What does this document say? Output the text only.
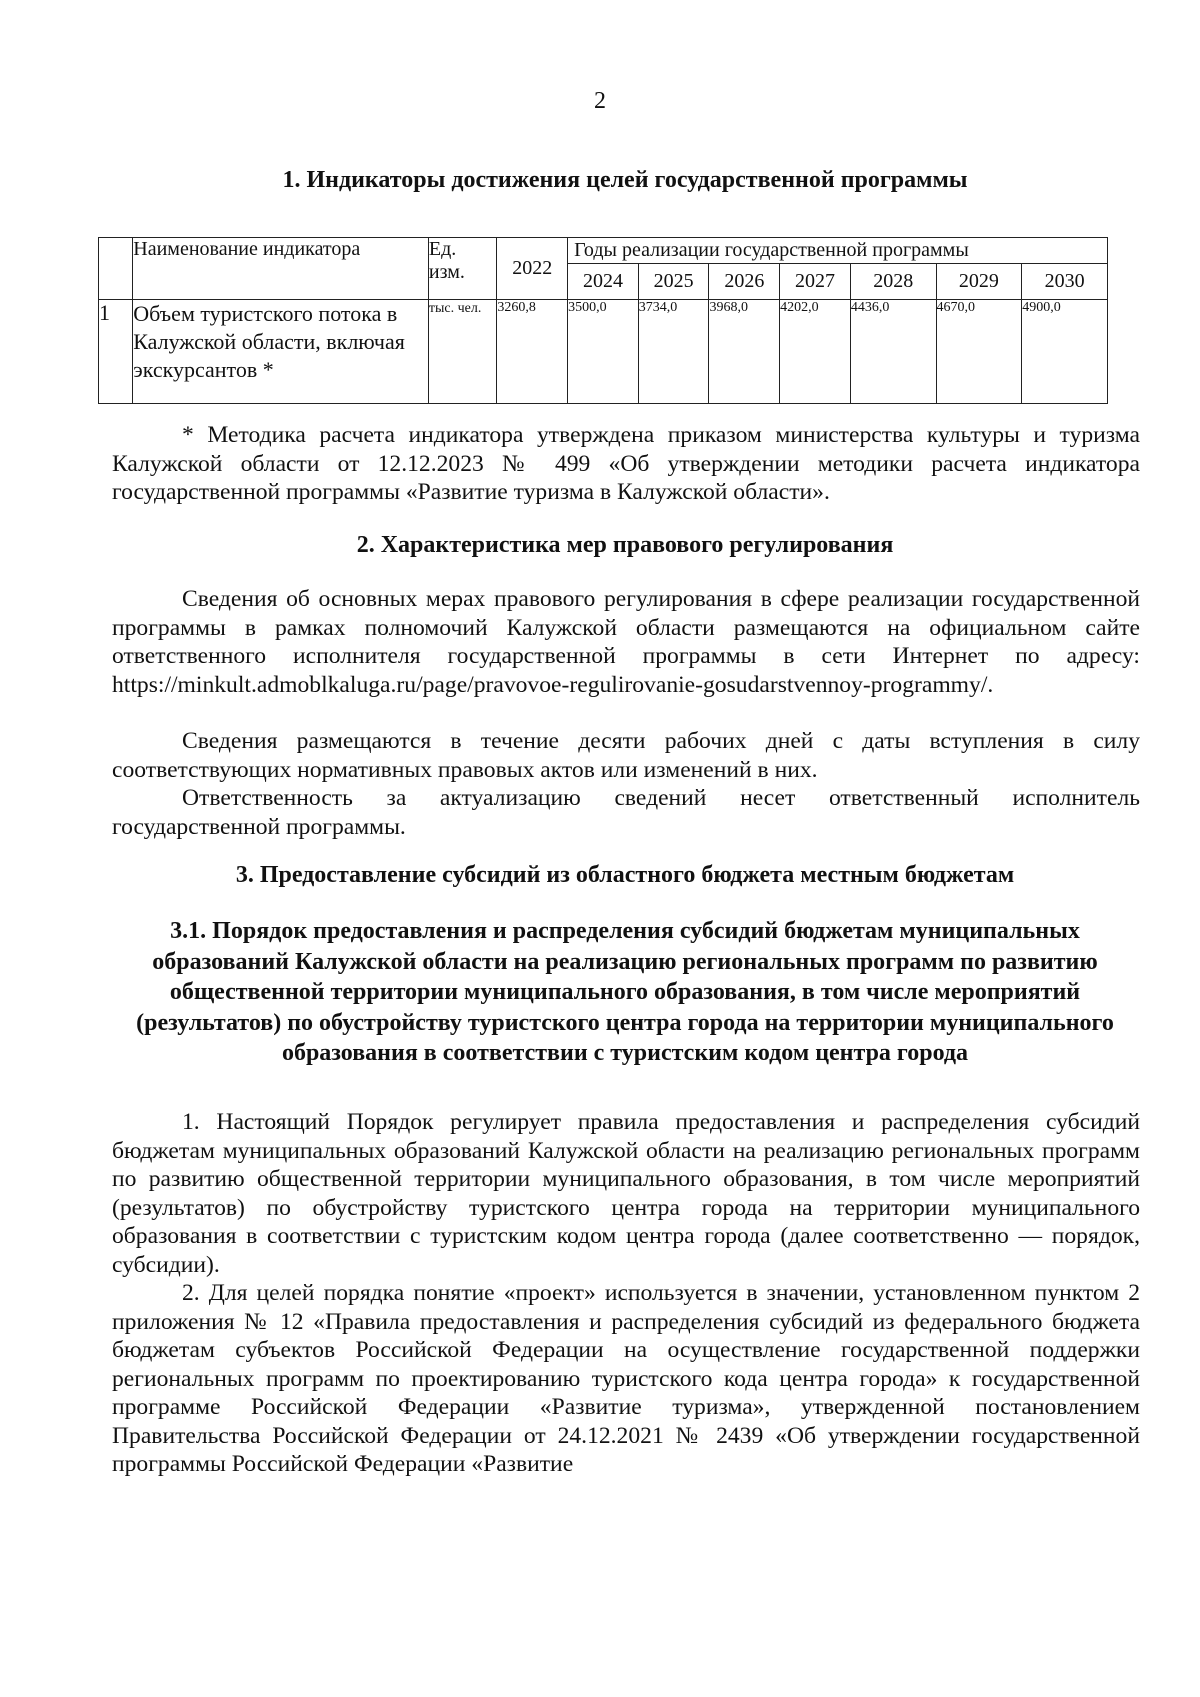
2
1. Индикаторы достижения целей государственной программы
	Наименование индикатора	Ед. изм.	2022	Годы реализации государственной программы						
				2024	2025	2026	2027	2028	2029	2030
1	Объем туристского потока в Калужской области, включая экскурсантов *	тыс. чел.	3260,8	3500,0	3734,0	3968,0	4202,0	4436,0	4670,0	4900,0
* Методика расчета индикатора утверждена приказом министерства культуры и туризма Калужской области от 12.12.2023 № 499 «Об утверждении методики расчета индикатора государственной программы «Развитие туризма в Калужской области».
2. Характеристика мер правового регулирования
Сведения об основных мерах правового регулирования в сфере реализации государственной программы в рамках полномочий Калужской области размещаются на официальном сайте ответственного исполнителя государственной программы в сети Интернет по адресу: https://minkult.admoblkaluga.ru/page/pravovoe-regulirovanie-gosudarstvennoy-programmy/.
Сведения размещаются в течение десяти рабочих дней с даты вступления в силу соответствующих нормативных правовых актов или изменений в них.
Ответственность за актуализацию сведений несет ответственный исполнитель государственной программы.
3. Предоставление субсидий из областного бюджета местным бюджетам
3.1. Порядок предоставления и распределения субсидий бюджетам муниципальных образований Калужской области на реализацию региональных программ по развитию общественной территории муниципального образования, в том числе мероприятий (результатов) по обустройству туристского центра города на территории муниципального образования в соответствии с туристским кодом центра города
1. Настоящий Порядок регулирует правила предоставления и распределения субсидий бюджетам муниципальных образований Калужской области на реализацию региональных программ по развитию общественной территории муниципального образования, в том числе мероприятий (результатов) по обустройству туристского центра города на территории муниципального образования в соответствии с туристским кодом центра города (далее соответственно — порядок, субсидии).
2. Для целей порядка понятие «проект» используется в значении, установленном пунктом 2 приложения № 12 «Правила предоставления и распределения субсидий из федерального бюджета бюджетам субъектов Российской Федерации на осуществление государственной поддержки региональных программ по проектированию туристского кода центра города» к государственной программе Российской Федерации «Развитие туризма», утвержденной постановлением Правительства Российской Федерации от 24.12.2021 № 2439 «Об утверждении государственной программы Российской Федерации «Развитие
